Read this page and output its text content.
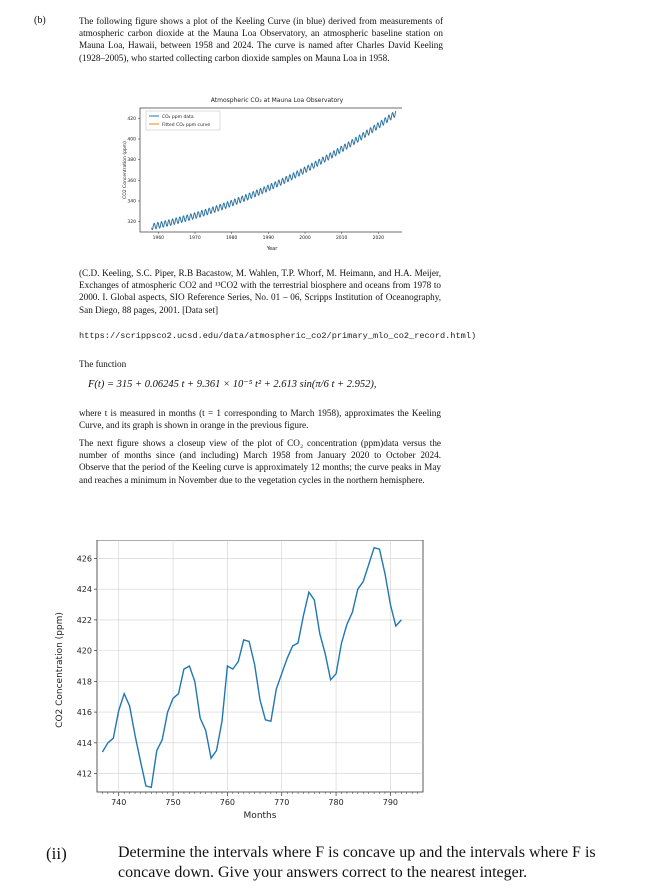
(b)	The following figure shows a plot of the Keeling Curve (in blue) derived from measurements of atmospheric carbon dioxide at the Mauna Loa Observatory, an atmospheric baseline station on Mauna Loa, Hawaii, between 1958 and 2024. The curve is named after Charles David Keeling (1928–2005), who started collecting carbon dioxide samples on Mauna Loa in 1958.
Atmospheric CO₂ at Mauna Loa Observatory
320
340
360
380
400
420
1960	1970	1980	1990	2000	2010	2020
CO₂ ppm data
Fitted CO₂ ppm curve
Year
CO2 Concentration (ppm)
(C.D. Keeling, S.C. Piper, R.B Bacastow, M. Wahlen, T.P. Whorf, M. Heimann, and H.A. Meijer, Exchanges of atmospheric CO2 and ¹³CO2 with the terrestrial biosphere and oceans from 1978 to 2000. I. Global aspects, SIO Reference Series, No. 01 – 06, Scripps Institution of Oceanography, San Diego, 88 pages, 2001. [Data set]
https://scrippsco2.ucsd.edu/data/atmospheric_co2/primary_mlo_co2_record.html)
The function
F(t) = 315 + 0.06245 t + 9.361 × 10⁻⁵ t² + 2.613 sin(π/6 t + 2.952),
where t is measured in months (t = 1 corresponding to March 1958), approximates the Keeling Curve, and its graph is shown in orange in the previous figure.
The next figure shows a closeup view of the plot of CO₂ concentration (ppm)data versus the number of months since (and including) March 1958 from January 2020 to October 2024. Observe that the period of the Keeling curve is approximately 12 months; the curve peaks in May and reaches a minimum in November due to the vegetation cycles in the northern hemisphere.
412
414
416
418
420
422
424
426
740	750	760	770	780	790
Months
CO2 Concentration (ppm)
(ii)	Determine the intervals where F is concave up and the intervals where F is concave down. Give your answers correct to the nearest integer.
